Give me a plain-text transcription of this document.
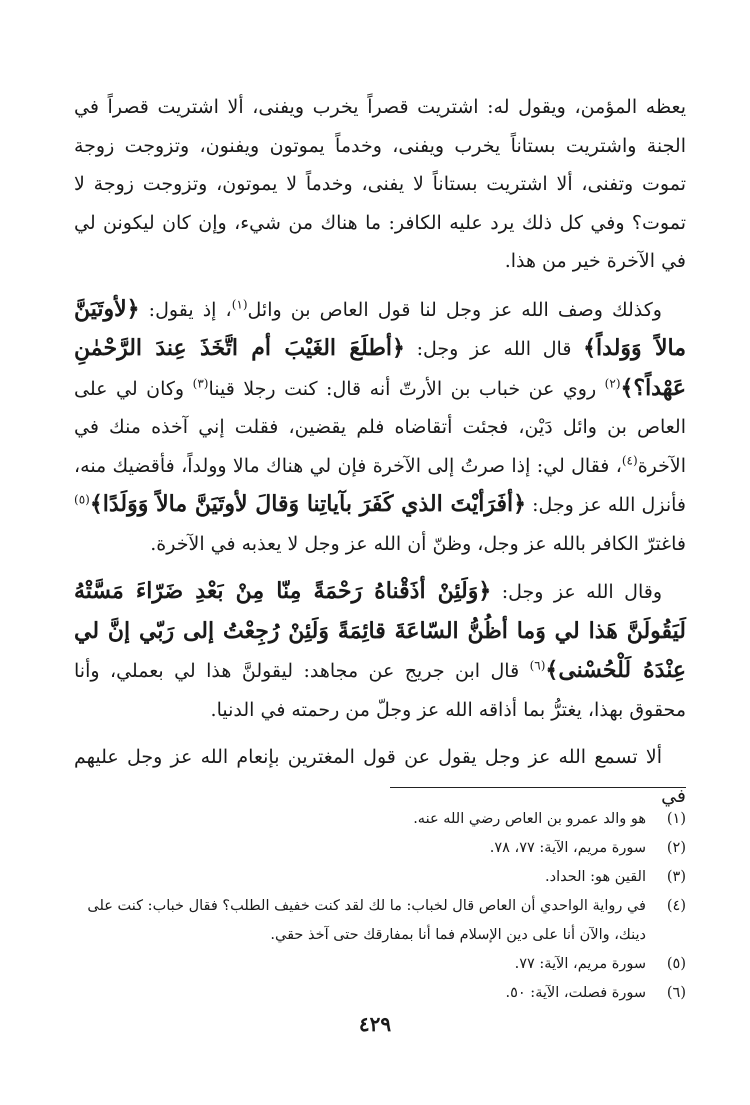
يعظه المؤمن، ويقول له: اشتريت قصراً يخرب ويفنى، ألا اشتريت قصراً في الجنة واشتريت بستاناً يخرب ويفنى، وخدماً يموتون ويفنون، وتزوجت زوجة تموت وتفنى، ألا اشتريت بستاناً لا يفنى، وخدماً لا يموتون، وتزوجت زوجة لا تموت؟ وفي كل ذلك يرد عليه الكافر: ما هناك من شيء، وإن كان ليكونن لي في الآخرة خير من هذا.

وكذلك وصف الله عز وجل لنا قول العاص بن وائل$^{(١)}$، إذ يقول: ﴿لأوتَيَنَّ مالاً وَوَلداً﴾ قال الله عز وجل: ﴿أطلَعَ الغَيْبَ أم اتَّخَذَ عِندَ الرَّحْمٰنِ عَهْداً؟﴾$^{(٢)}$ روي عن خباب بن الأرتّ أنه قال: كنت رجلا قينا$^{(٣)}$ وكان لي على العاص بن وائل دَيْن، فجئت أتقاضاه فلم يقضين، فقلت إني آخذه منك في الآخرة$^{(٤)}$، فقال لي: إذا صرتُ إلى الآخرة فإن لي هناك مالا وولداً، فأقضيك منه، فأنزل الله عز وجل: ﴿أفَرَأيْتَ الذي كَفَرَ بآياتِنا وَقالَ لأوتَيَنَّ مالاً وَوَلَدًا﴾$^{(٥)}$ فاغترّ الكافر بالله عز وجل، وظنّ أن الله عز وجل لا يعذبه في الآخرة.

وقال الله عز وجل: ﴿وَلَئِنْ أذَقْناهُ رَحْمَةً مِنّا مِنْ بَعْدِ ضَرّاءَ مَسَّتْهُ لَيَقُولَنَّ هَذا لي وَما أظُنُّ السّاعَةَ قائِمَةً وَلَئِنْ رُجِعْتُ إلى رَبّي إنَّ لي عِنْدَهُ لَلْحُسْنى﴾$^{(٦)}$ قال ابن جريج عن مجاهد: ليقولنَّ هذا لي بعملي، وأنا محقوق بهذا، يغترُّ بما أذاقه الله عز وجلّ من رحمته في الدنيا.

ألا تسمع الله عز وجل يقول عن قول المغترين بإنعام الله عز وجل عليهم في

(١)
هو والد عمرو بن العاص رضي الله عنه.
(٢)
سورة مريم، الآية: ٧٧، ٧٨.
(٣)
القين هو: الحداد.
(٤)
في رواية الواحدي أن العاص قال لخباب: ما لك لقد كنت خفيف الطلب؟ فقال خباب: كنت على دينك، والآن أنا على دين الإسلام فما أنا بمفارقك حتى آخذ حقي.
(٥)
سورة مريم، الآية: ٧٧.
(٦)
سورة فصلت، الآية: ٥٠.
٤٢٩
